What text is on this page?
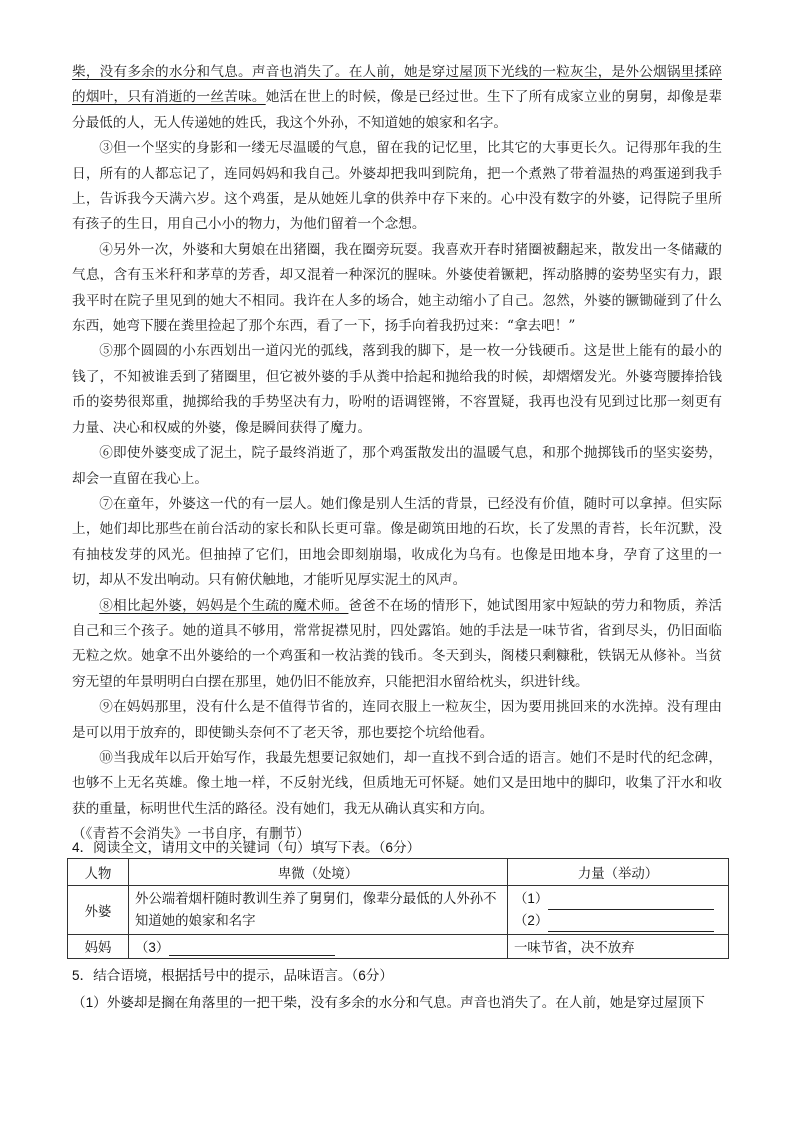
柴，没有多余的水分和气息。声音也消失了。在人前，她是穿过屋顶下光线的一粒灰尘，是外公烟锅里揉碎的烟叶，只有消逝的一丝苦味。她活在世上的时候，像是已经过世。生下了所有成家立业的舅舅，却像是辈分最低的人，无人传递她的姓氏，我这个外孙，不知道她的娘家和名字。

③但一个坚实的身影和一缕无尽温暖的气息，留在我的记忆里，比其它的大事更长久。记得那年我的生日，所有的人都忘记了，连同妈妈和我自己。外婆却把我叫到院角，把一个煮熟了带着温热的鸡蛋递到我手上，告诉我今天满六岁。这个鸡蛋，是从她姪儿拿的供养中存下来的。心中没有数字的外婆，记得院子里所有孩子的生日，用自己小小的物力，为他们留着一个念想。

④另外一次，外婆和大舅娘在出猪圈，我在圈旁玩耍。我喜欢开春时猪圈被翻起来，散发出一冬储藏的气息，含有玉米秆和茅草的芳香，却又混着一种深沉的腥味。外婆使着镢耙，挥动胳膊的姿势坚实有力，跟我平时在院子里见到的她大不相同。我许在人多的场合，她主动缩小了自己。忽然，外婆的镢锄碰到了什么东西，她弯下腰在粪里捡起了那个东西，看了一下，扬手向着我扔过来：“拿去吧！”

⑤那个圆圆的小东西划出一道闪光的弧线，落到我的脚下，是一枚一分钱硬币。这是世上能有的最小的钱了，不知被谁丢到了猪圈里，但它被外婆的手从粪中拾起和抛给我的时候，却熠熠发光。外婆弯腰捧拾钱币的姿势很郑重，抛掷给我的手势坚决有力，吩咐的语调铿锵，不容置疑，我再也没有见到过比那一刻更有力量、决心和权威的外婆，像是瞬间获得了魔力。

⑥即使外婆变成了泥土，院子最终消逝了，那个鸡蛋散发出的温暖气息，和那个抛掷钱币的坚实姿势，却会一直留在我心上。

⑦在童年，外婆这一代的有一层人。她们像是别人生活的背景，已经没有价值，随时可以拿掉。但实际上，她们却比那些在前台活动的家长和队长更可靠。像是砌筑田地的石坎，长了发黑的青苔，长年沉默，没有抽枝发芽的风光。但抽掉了它们，田地会即刻崩塌，收成化为乌有。也像是田地本身，孕育了这里的一切，却从不发出响动。只有俯伏触地，才能听见厚实泥土的风声。

⑧相比起外婆，妈妈是个生疏的魔术师。爸爸不在场的情形下，她试图用家中短缺的劳力和物质，养活自己和三个孩子。她的道具不够用，常常捉襟见肘，四处露馅。她的手法是一味节省，省到尽头，仍旧面临无粒之炊。她拿不出外婆给的一个鸡蛋和一枚沾粪的钱币。冬天到头，阁楼只剩糠秕，铁锅无从修补。当贫穷无望的年景明明白白摆在那里，她仍旧不能放弃，只能把泪水留给枕头，织进针线。

⑨在妈妈那里，没有什么是不值得节省的，连同衣服上一粒灰尘，因为要用挑回来的水洗掉。没有理由是可以用于放弃的，即使锄头奈何不了老天爷，那也要挖个坑给他看。

⑩当我成年以后开始写作，我最先想要记叙她们，却一直找不到合适的语言。她们不是时代的纪念碑，也够不上无名英雄。像土地一样，不反射光线，但质地无可怀疑。她们又是田地中的脚印，收集了汗水和收获的重量，标明世代生活的路径。没有她们，我无从确认真实和方向。

（《青苔不会消失》一书自序，有删节）

4．阅读全文，请用文中的关键词（句）填写下表。（6分）
人物	卑微（处境）	力量（举动）
外婆	外公端着烟杆随时教训生养了舅舅们，像辈分最低的人外孙不知道她的娘家和名字	（1）
（2）

妈妈	（3）	一味节省，决不放弃
5．结合语境，根据括号中的提示，品味语言。（6分）
（1）外婆却是搁在角落里的一把干柴，没有多余的水分和气息。声音也消失了。在人前，她是穿过屋顶下
